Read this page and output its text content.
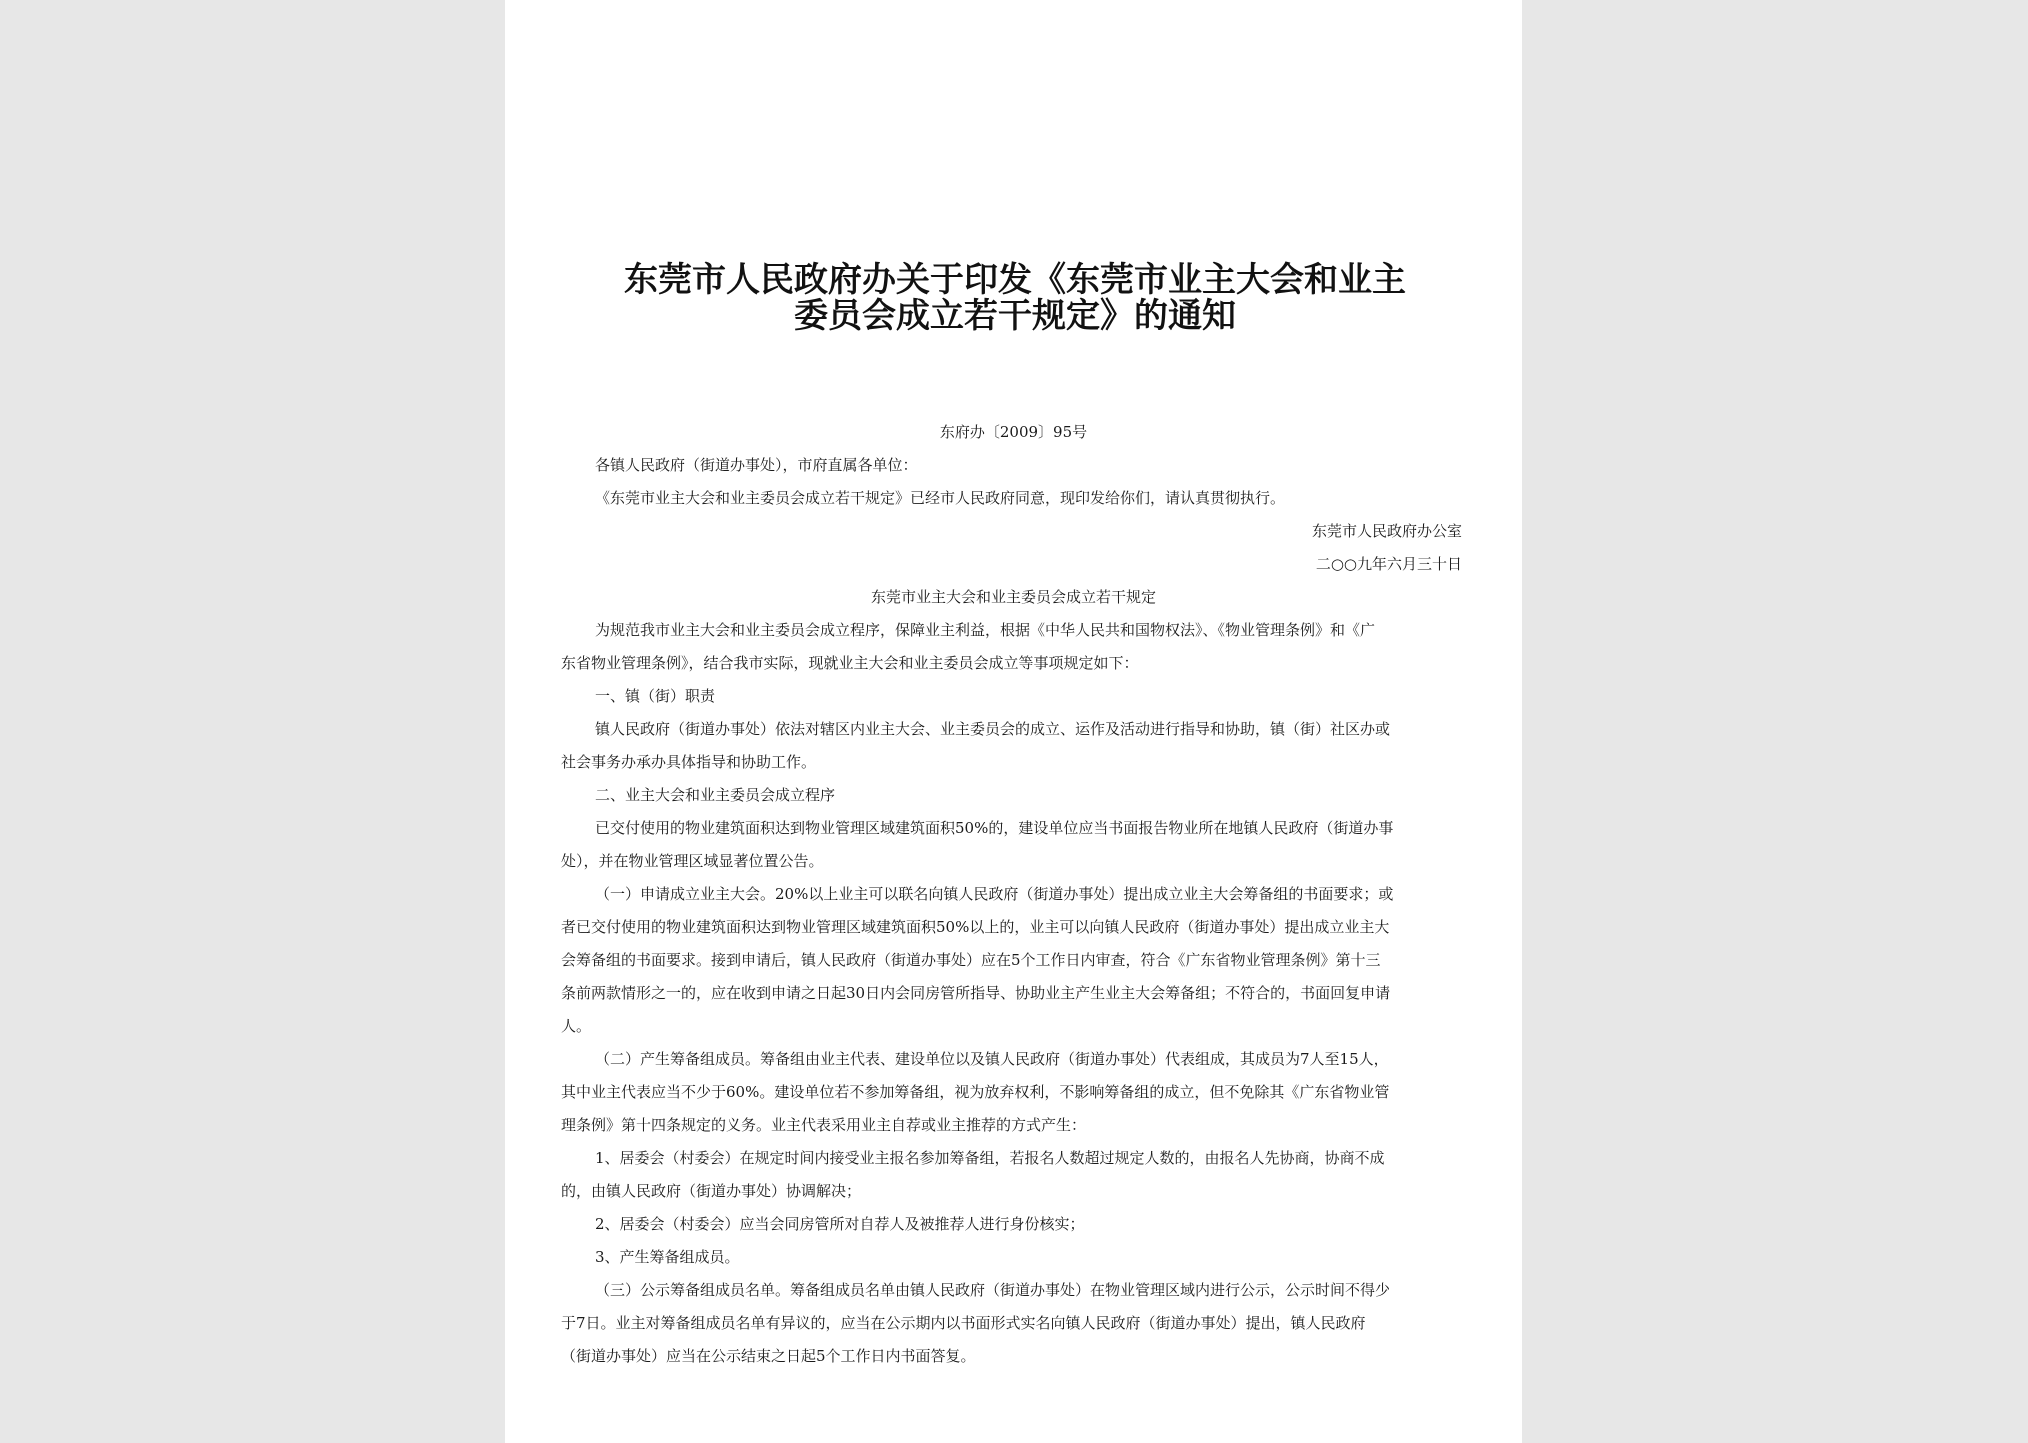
东莞市人民政府办关于印发《东莞市业主大会和业主
委员会成立若干规定》的通知
东府办〔2009〕95号
各镇人民政府（街道办事处），市府直属各单位：
《东莞市业主大会和业主委员会成立若干规定》已经市人民政府同意，现印发给你们，请认真贯彻执行。
东莞市人民政府办公室
二○○九年六月三十日
东莞市业主大会和业主委员会成立若干规定
为规范我市业主大会和业主委员会成立程序，保障业主利益，根据《中华人民共和国物权法》、《物业管理条例》和《广
东省物业管理条例》，结合我市实际，现就业主大会和业主委员会成立等事项规定如下：
一、镇（街）职责
镇人民政府（街道办事处）依法对辖区内业主大会、业主委员会的成立、运作及活动进行指导和协助，镇（街）社区办或
社会事务办承办具体指导和协助工作。
二、业主大会和业主委员会成立程序
已交付使用的物业建筑面积达到物业管理区域建筑面积50%的，建设单位应当书面报告物业所在地镇人民政府（街道办事
处），并在物业管理区域显著位置公告。
（一）申请成立业主大会。20%以上业主可以联名向镇人民政府（街道办事处）提出成立业主大会筹备组的书面要求；或
者已交付使用的物业建筑面积达到物业管理区域建筑面积50%以上的，业主可以向镇人民政府（街道办事处）提出成立业主大
会筹备组的书面要求。接到申请后，镇人民政府（街道办事处）应在5个工作日内审查，符合《广东省物业管理条例》第十三
条前两款情形之一的，应在收到申请之日起30日内会同房管所指导、协助业主产生业主大会筹备组；不符合的，书面回复申请
人。
（二）产生筹备组成员。筹备组由业主代表、建设单位以及镇人民政府（街道办事处）代表组成，其成员为7人至15人，
其中业主代表应当不少于60%。建设单位若不参加筹备组，视为放弃权利，不影响筹备组的成立，但不免除其《广东省物业管
理条例》第十四条规定的义务。业主代表采用业主自荐或业主推荐的方式产生：
1、居委会（村委会）在规定时间内接受业主报名参加筹备组，若报名人数超过规定人数的，由报名人先协商，协商不成
的，由镇人民政府（街道办事处）协调解决；
2、居委会（村委会）应当会同房管所对自荐人及被推荐人进行身份核实；
3、产生筹备组成员。
（三）公示筹备组成员名单。筹备组成员名单由镇人民政府（街道办事处）在物业管理区域内进行公示，公示时间不得少
于7日。业主对筹备组成员名单有异议的，应当在公示期内以书面形式实名向镇人民政府（街道办事处）提出，镇人民政府
（街道办事处）应当在公示结束之日起5个工作日内书面答复。
